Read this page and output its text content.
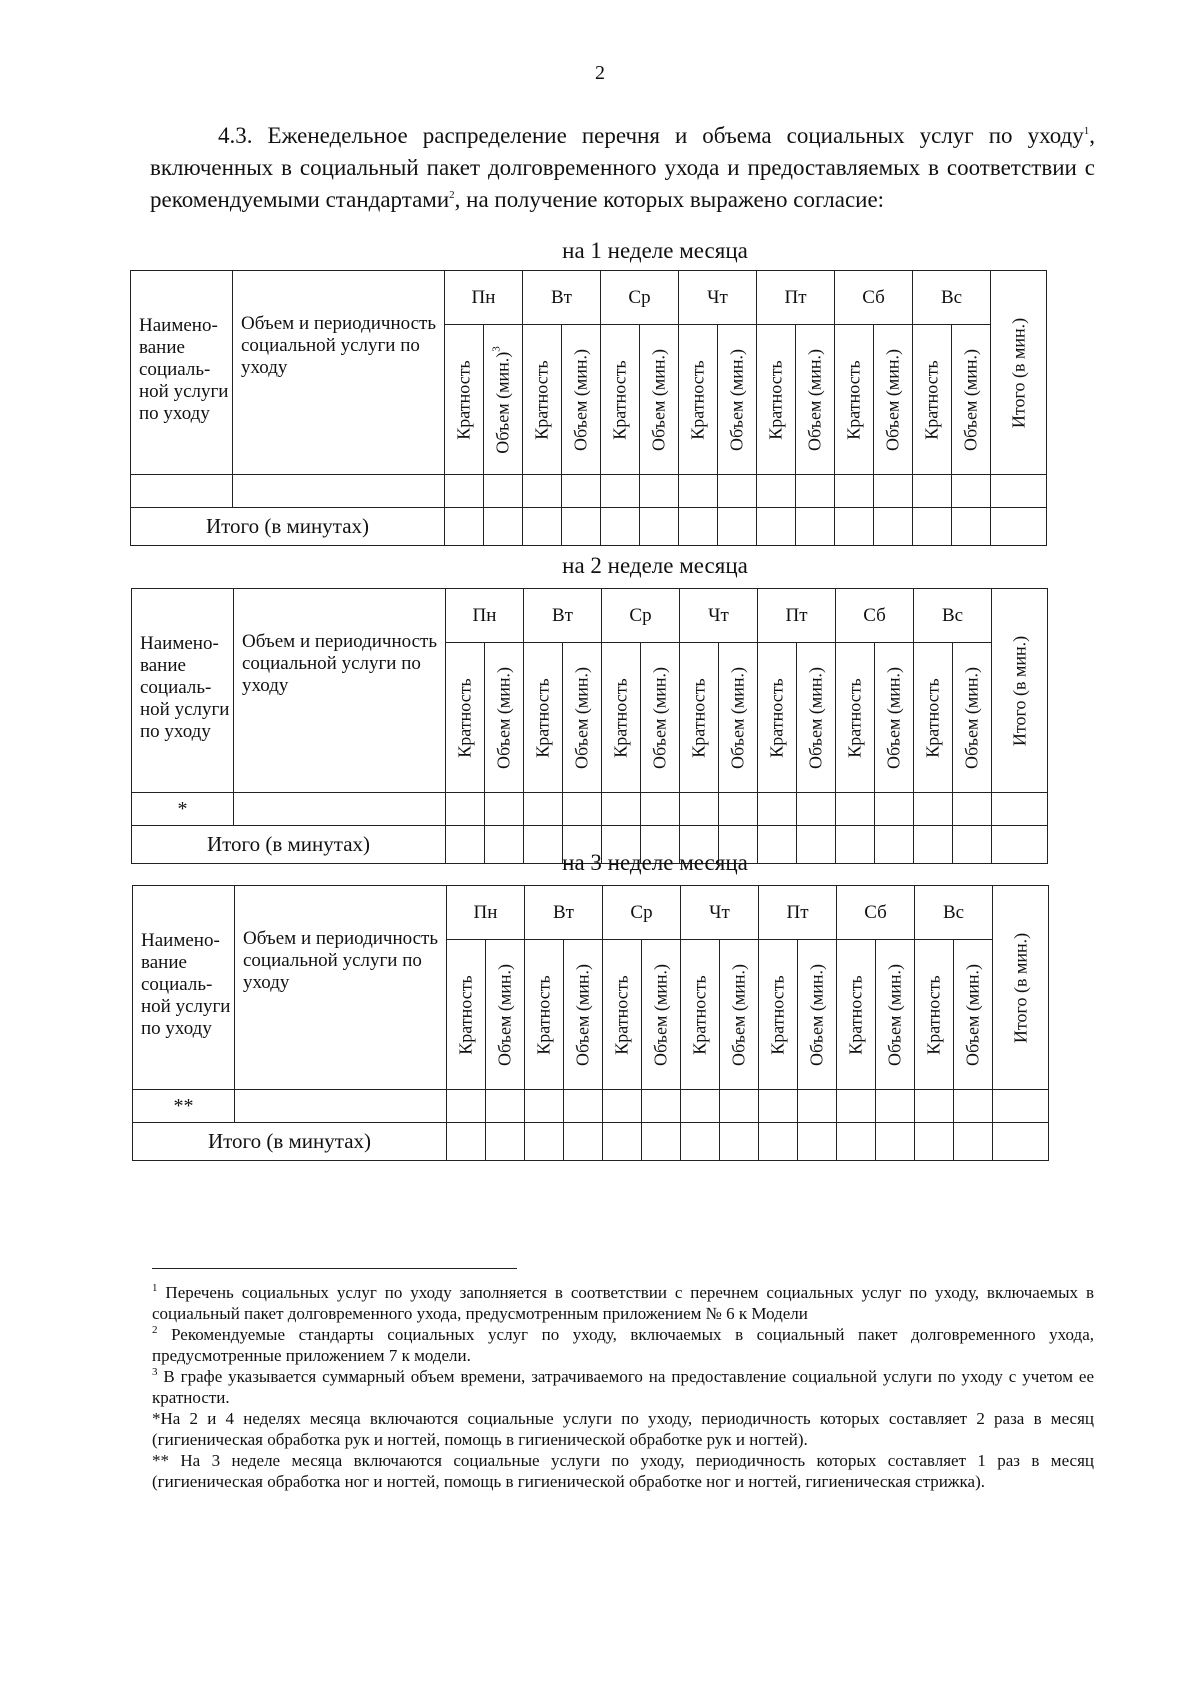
2
4.3. Еженедельное распределение перечня и объема социальных услуг по уходу$^1$, включенных в социальный пакет долговременного ухода и предоставляемых в соответствии с рекомендуемыми стандартами$^2$, на получение которых выражено согласие:
на 1 неделе месяца
Наимено-вание социаль-ной услуги по уходу	Объем и периодичность социальной услуги по уходу	Пн		Вт		Ср		Чт		Пт		Сб		Вс		Итого (в мин.)

		Кратность	Объем $(мин.)^3$	Кратность	Объем (мин.)	Кратность	Объем (мин.)	Кратность	Объем (мин.)	Кратность	Объем (мин.)	Кратность	Объем (мин.)	Кратность	Объем (мин.)	

Итого (в минутах)																
на 2 неделе месяца
Наимено-вание социаль-ной услуги по уходу	Объем и периодичность социальной услуги по уходу	Пн		Вт		Ср		Чт		Пт		Сб		Вс		Итого (в мин.)

		Кратность	Объем (мин.)	Кратность	Объем (мин.)	Кратность	Объем (мин.)	Кратность	Объем (мин.)	Кратность	Объем (мин.)	Кратность	Объем (мин.)	Кратность	Объем (мин.)	

*																
Итого (в минутах)																
на 3 неделе месяца
Наимено-вание социаль-ной услуги по уходу	Объем и периодичность социальной услуги по уходу	Пн		Вт		Ср		Чт		Пт		Сб		Вс		Итого (в мин.)

		Кратность	Объем (мин.)	Кратность	Объем (мин.)	Кратность	Объем (мин.)	Кратность	Объем (мин.)	Кратность	Объем (мин.)	Кратность	Объем (мин.)	Кратность	Объем (мин.)	

**																
Итого (в минутах)																

$^1$ Перечень социальных услуг по уходу заполняется в соответствии с перечнем социальных услуг по уходу, включаемых в социальный пакет долговременного ухода, предусмотренным приложением № 6 к Модели

$^2$ Рекомендуемые стандарты социальных услуг по уходу, включаемых в социальный пакет долговременного ухода, предусмотренные приложением 7 к модели.

$^3$ В графе указывается суммарный объем времени, затрачиваемого на предоставление социальной услуги по уходу с учетом ее кратности.

*На 2 и 4 неделях месяца включаются социальные услуги по уходу, периодичность которых составляет 2 раза в месяц (гигиеническая обработка рук и ногтей, помощь в гигиенической обработке рук и ногтей).

** На 3 неделе месяца включаются социальные услуги по уходу, периодичность которых составляет 1 раз в месяц (гигиеническая обработка ног и ногтей, помощь в гигиенической обработке ног и ногтей, гигиеническая стрижка).
